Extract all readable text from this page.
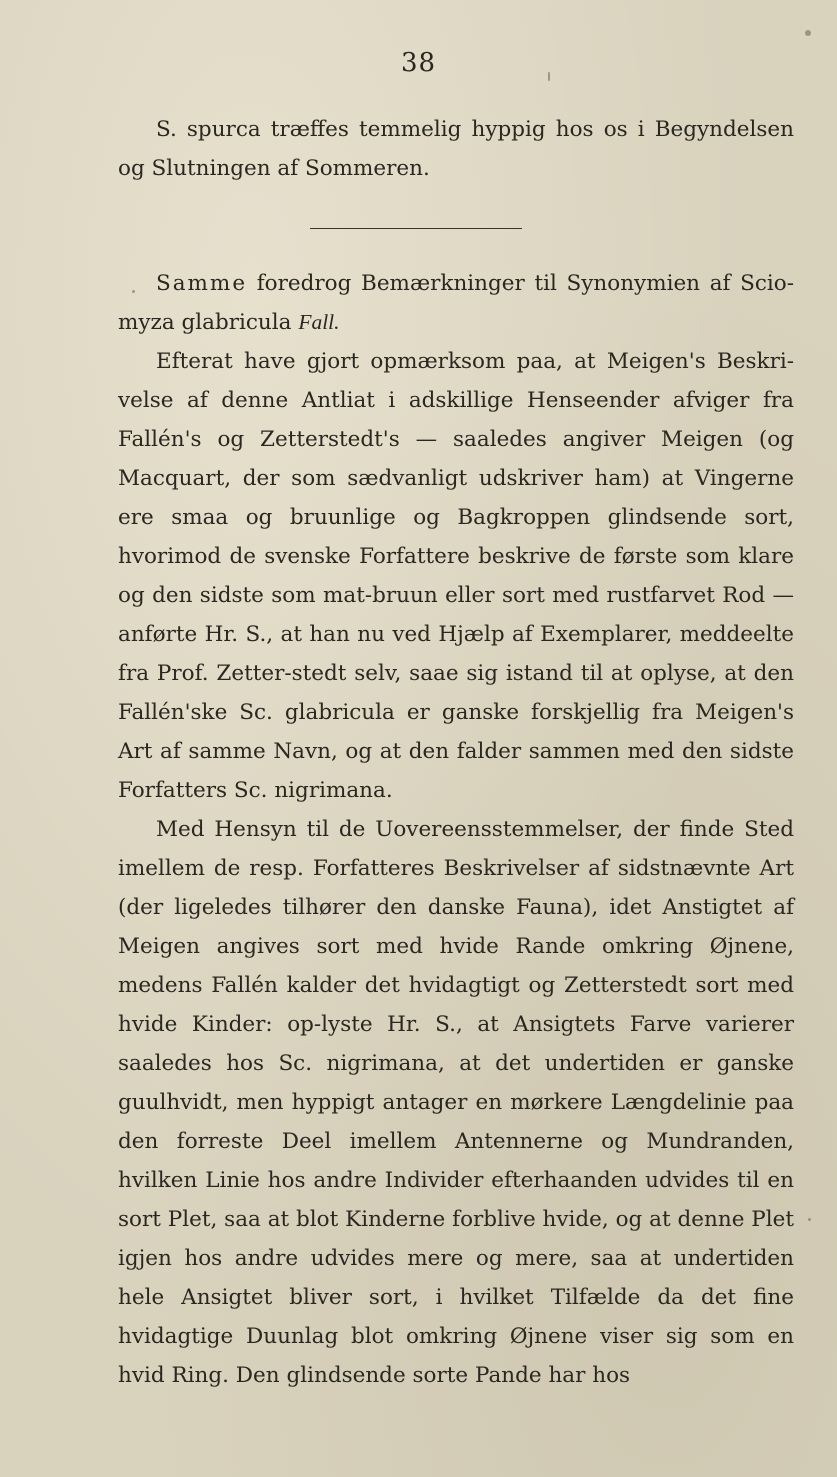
38

S. spurca træffes temmelig hyppig hos os i Begyndelsen og Slutningen af Sommeren.

Samme foredrog Bemærkninger til Synonymien af Scio-myza glabricula Fall.

Efterat have gjort opmærksom paa, at Meigen's Beskri-velse af denne Antliat i adskillige Henseender afviger fra Fallén's og Zetterstedt's — saaledes angiver Meigen (og Macquart, der som sædvanligt udskriver ham) at Vingerne ere smaa og bruunlige og Bagkroppen glindsende sort, hvorimod de svenske Forfattere beskrive de første som klare og den sidste som mat-bruun eller sort med rustfarvet Rod — anførte Hr. S., at han nu ved Hjælp af Exemplarer, meddeelte fra Prof. Zetter-stedt selv, saae sig istand til at oplyse, at den Fallén'ske Sc. glabricula er ganske forskjellig fra Meigen's Art af samme Navn, og at den falder sammen med den sidste Forfatters Sc. nigrimana.

Med Hensyn til de Uovereensstemmelser, der finde Sted imellem de resp. Forfatteres Beskrivelser af sidstnævnte Art (der ligeledes tilhører den danske Fauna), idet Anstigtet af Meigen angives sort med hvide Rande omkring Øjnene, medens Fallén kalder det hvidagtigt og Zetterstedt sort med hvide Kinder: op-lyste Hr. S., at Ansigtets Farve varierer saaledes hos Sc. nigrimana, at det undertiden er ganske guulhvidt, men hyppigt antager en mørkere Længdelinie paa den forreste Deel imellem Antennerne og Mundranden, hvilken Linie hos andre Individer efterhaanden udvides til en sort Plet, saa at blot Kinderne forblive hvide, og at denne Plet igjen hos andre udvides mere og mere, saa at undertiden hele Ansigtet bliver sort, i hvilket Tilfælde da det fine hvidagtige Duunlag blot omkring Øjnene viser sig som en hvid Ring. Den glindsende sorte Pande har hos
